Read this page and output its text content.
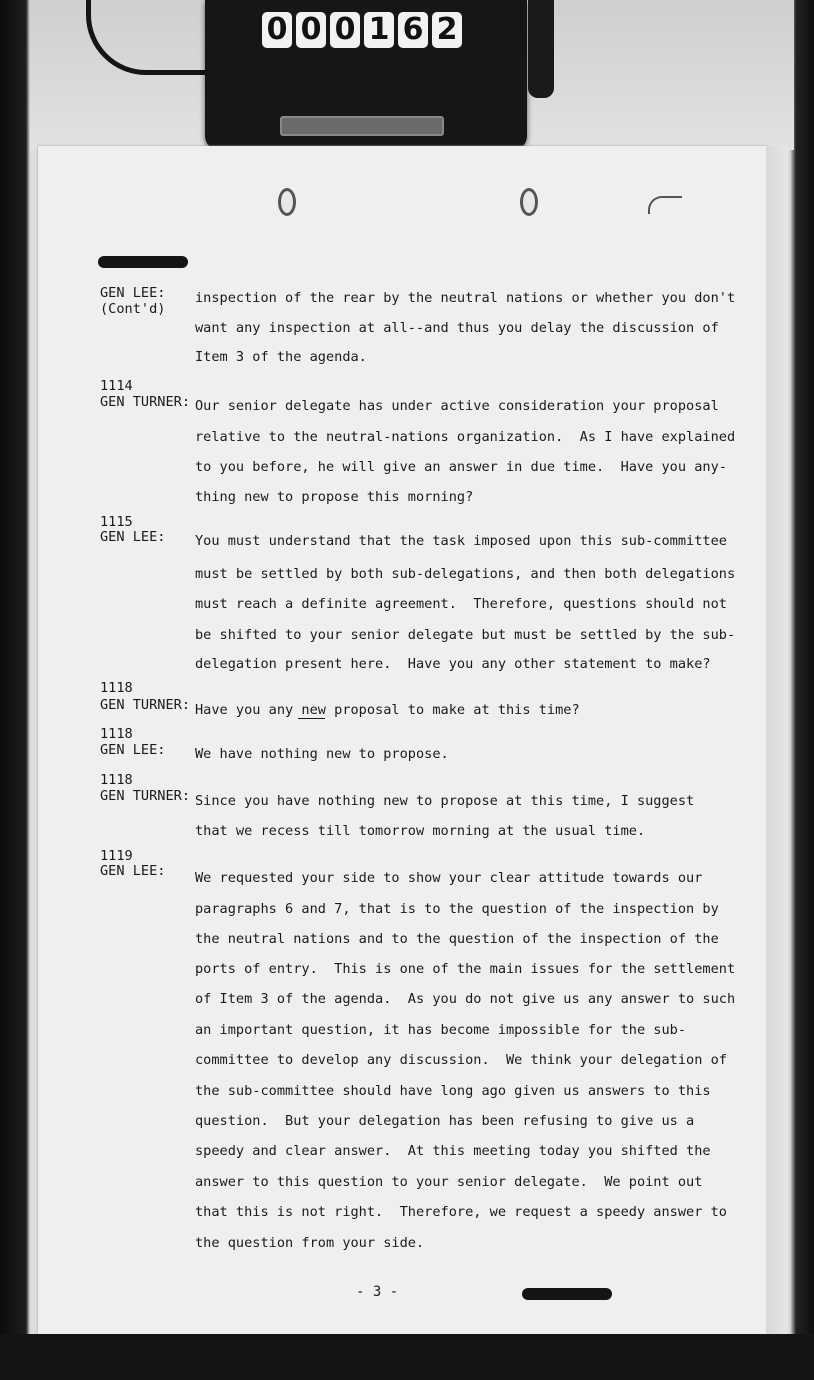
0 0 0 1 6 2
GEN LEE:
(Cont'd)
inspection of the rear by the neutral nations or whether you don't
want any inspection at all--and thus you delay the discussion of
Item 3 of the agenda.
1114
GEN TURNER: Our senior delegate has under active consideration your proposal
relative to the neutral-nations organization.  As I have explained
to you before, he will give an answer in due time.  Have you any-
thing new to propose this morning?
1115
GEN LEE: You must understand that the task imposed upon this sub-committee
must be settled by both sub-delegations, and then both delegations
must reach a definite agreement.  Therefore, questions should not
be shifted to your senior delegate but must be settled by the sub-
delegation present here.  Have you any other statement to make?
1118
GEN TURNER: Have you any new proposal to make at this time?
1118
GEN LEE: We have nothing new to propose.
1118
GEN TURNER: Since you have nothing new to propose at this time, I suggest
that we recess till tomorrow morning at the usual time.
1119
GEN LEE: We requested your side to show your clear attitude towards our
paragraphs 6 and 7, that is to the question of the inspection by
the neutral nations and to the question of the inspection of the
ports of entry.  This is one of the main issues for the settlement
of Item 3 of the agenda.  As you do not give us any answer to such
an important question, it has become impossible for the sub-
committee to develop any discussion.  We think your delegation of
the sub-committee should have long ago given us answers to this
question.  But your delegation has been refusing to give us a
speedy and clear answer.  At this meeting today you shifted the
answer to this question to your senior delegate.  We point out
that this is not right.  Therefore, we request a speedy answer to
the question from your side.
- 3 -
